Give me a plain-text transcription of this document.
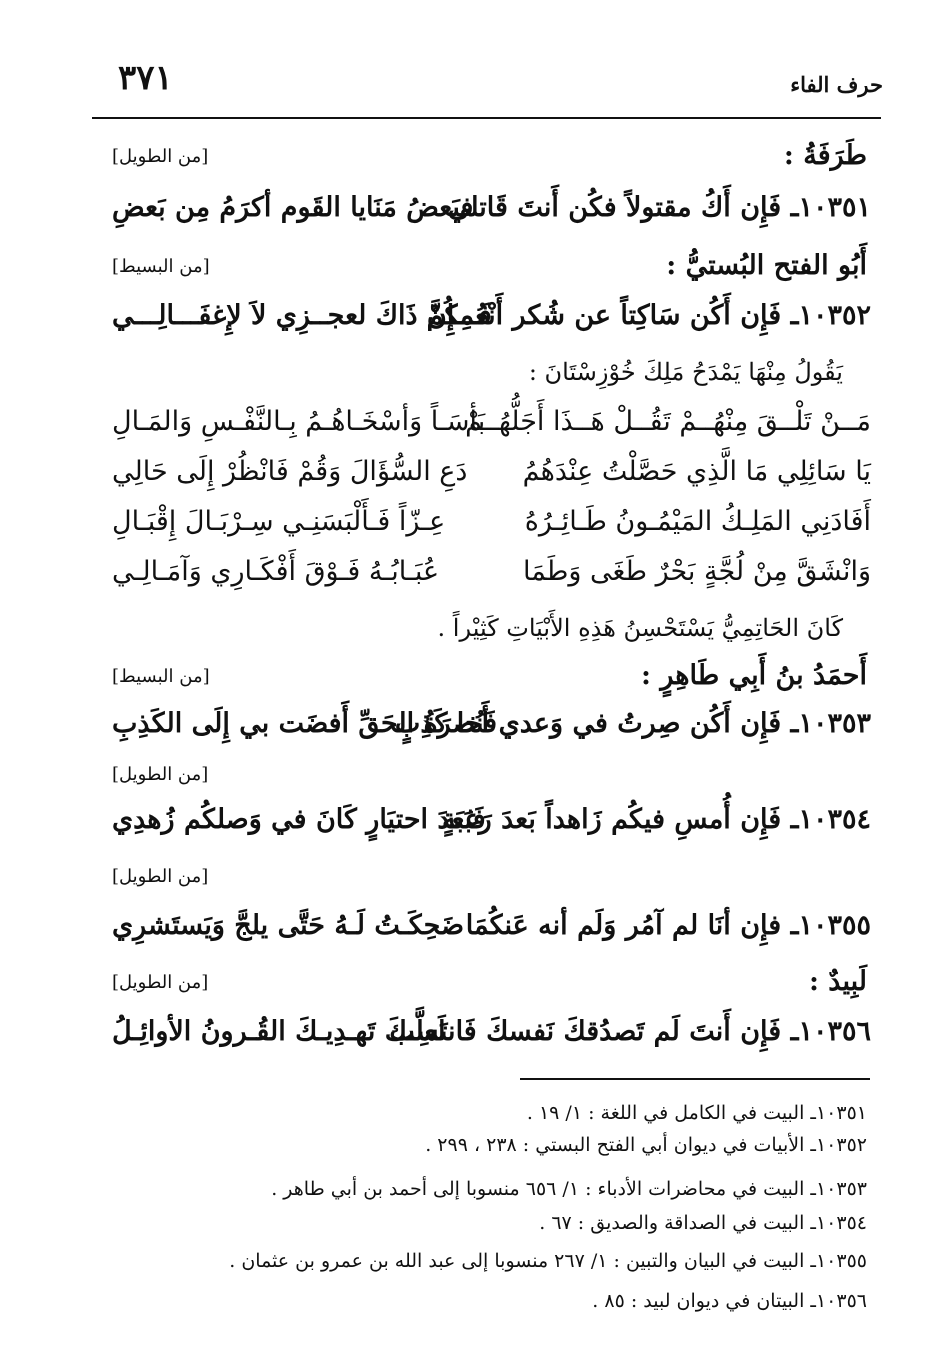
٣٧١	حرف الفاء
طَرَفَةُ :
[من الطويل]
١٠٣٥١ـ فَإِن أَكُ مقتولاً فكُن أَنتَ قَاتلي
فبَعضُ مَنَايا القَوم أكرَمُ مِن بَعضِ
أَبُو الفتح البُستيُّ :
[من البسيط]
١٠٣٥٢ـ فَإِن أَكُن سَاكِتاً عن شُكر أَنْعُمِكُمْ
فَـــإِنَّ ذَاكَ لعجــزِي لاَ لإِغفَـــالِـــي
يَقُولُ مِنْهَا يَمْدَحُ مَلِكَ خُوْزِسْتَانَ :
مَــنْ تَلْــقَ مِنْهُــمْ تَقُــلْ هَــذَا أَجَلُّهُــمْ
بَأسَـاً وَأسْخَـاهُـمُ بِـالنَّفْـسِ وَالمَـالِ
يَا سَائِلِي مَا الَّذِي حَصَّلْتُ عِنْدَهُمُ
دَعِ السُّؤَالَ وَقُمْ فَانْظُرْ إِلَى حَالِي
أَفَادَنِي المَلِـكُ المَيْمُـونُ طَـائِـرُهُ
عِـزّاً فَـأَلْبَسَنِـي سِـرْبَـالَ إِقْبَـالِ
وَانْشَقَّ مِنْ لُجَّةٍ بَحْرٌ طَغَى وَطَمَا
عُبَـابُـهُ فَـوْقَ أَفْكَـارِي وَآمَـالِـي
كَانَ الحَاتِمِيُّ يَسْتَحْسِنُ هَذِهِ الأَبْيَاتِ كَثِيْراً .
أَحمَدُ بنُ أَبِي طَاهِرٍ :
[من البسيط]
١٠٣٥٣ـ فَإِن أَكُن صِرتُ في وَعدي أَخا كَذِبٍ
فَنُصرَةُ الحَقِّ أَفضَت بي إِلَى الكَذِبِ
[من الطويل]
١٠٣٥٤ـ فَإِن أُمسِ فيكُم زَاهداً بَعدَ رَغبَةٍ
فَبَعدَ احتيَارٍ كَانَ في وَصلكُم زُهدِي
[من الطويل]
١٠٣٥٥ـ فإِن أنَا لم آمُر وَلَم أنه عَنكُمَا
ضَحِكَـتُ لَـهُ حَتَّى يلجَّ وَيَستَشرِي
لَبِيدٌ :
[من الطويل]
١٠٣٥٦ـ فَإِن أَنتَ لَم تَصدُقكَ نَفسكَ فَانتَسِب
لَعلَّـكَ تَهـدِيـكَ القُـرونُ الأوائِـلُ
١٠٣٥١ـ البيت في الكامل في اللغة : ١/ ١٩ .
١٠٣٥٢ـ الأبيات في ديوان أبي الفتح البستي : ٢٣٨ ، ٢٩٩ .
١٠٣٥٣ـ البيت في محاضرات الأدباء : ١/ ٦٥٦ منسوبا إلى أحمد بن أبي طاهر .
١٠٣٥٤ـ البيت في الصداقة والصديق : ٦٧ .
١٠٣٥٥ـ البيت في البيان والتبين : ١/ ٢٦٧ منسوبا إلى عبد الله بن عمرو بن عثمان .
١٠٣٥٦ـ البيتان في ديوان لبيد : ٨٥ .
